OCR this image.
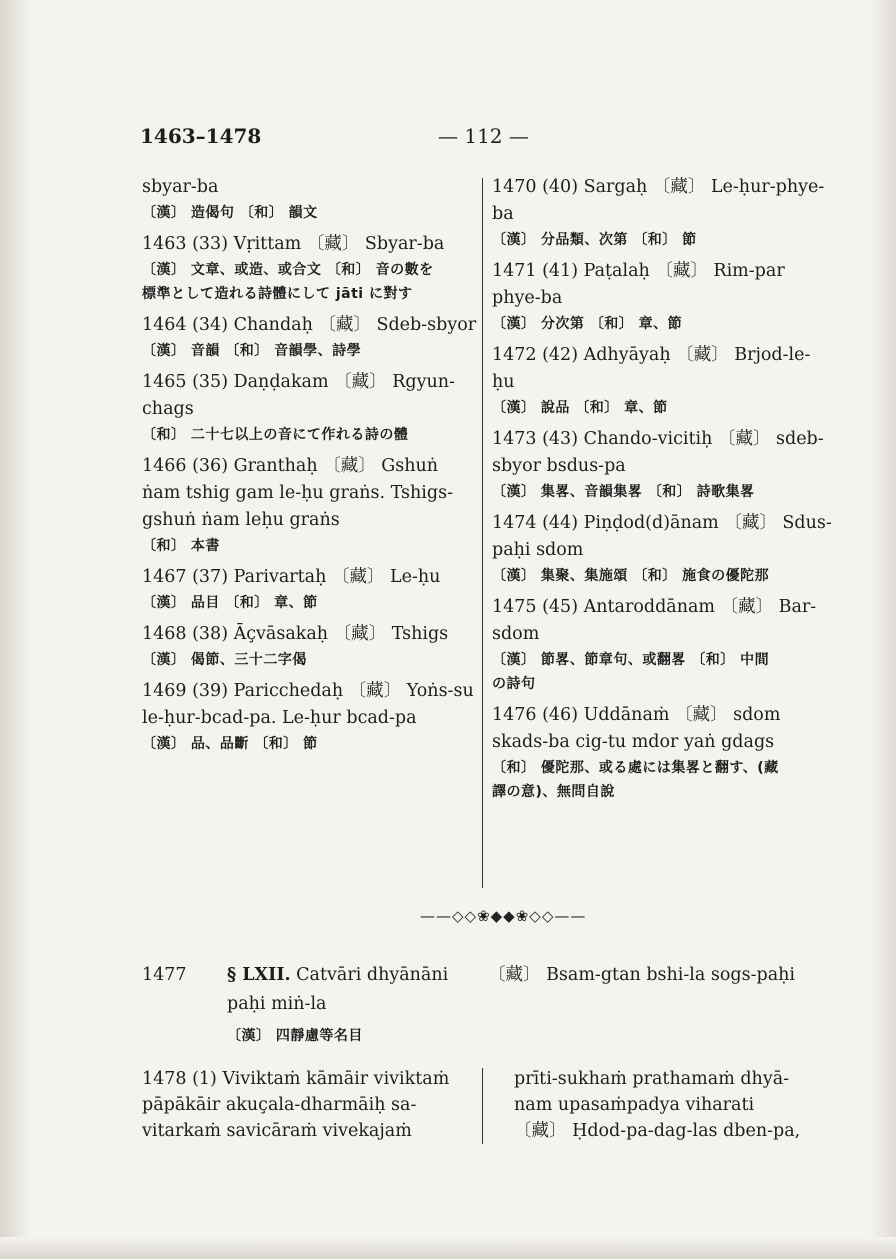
1463–1478	— 112 —
sbyar-ba
〔漢〕 造偈句 〔和〕 韻文
1463 (33) Vṛittam 〔藏〕 Sbyar-ba
〔漢〕 文章、或造、或合文 〔和〕 音の數を
標準として造れる詩體にして jāti に對す
1464 (34) Chandaḥ 〔藏〕 Sdeb-sbyor
〔漢〕 音韻 〔和〕 音韻學、詩學
1465 (35) Daṇḍakam 〔藏〕 Rgyun-chags
〔和〕 二十七以上の音にて作れる詩の體
1466 (36) Granthaḥ 〔藏〕 Gshuṅ ṅam tshig gam le-ḥu graṅs. Tshigs-gshuṅ ṅam leḥu graṅs
〔和〕 本書
1467 (37) Parivartaḥ 〔藏〕 Le-ḥu
〔漢〕 品目 〔和〕 章、節
1468 (38) Āçvāsakaḥ 〔藏〕 Tshigs
〔漢〕 偈節、三十二字偈
1469 (39) Paricchedaḥ 〔藏〕 Yoṅs-su le-ḥur-bcad-pa. Le-ḥur bcad-pa
〔漢〕 品、品斷 〔和〕 節
1470 (40) Sargaḥ 〔藏〕 Le-ḥur-phye-ba
〔漢〕 分品類、次第 〔和〕 節
1471 (41) Paṭalaḥ 〔藏〕 Rim-par phye-ba
〔漢〕 分次第 〔和〕 章、節
1472 (42) Adhyāyaḥ 〔藏〕 Brjod-le-ḥu
〔漢〕 說品 〔和〕 章、節
1473 (43) Chando-vicitiḥ 〔藏〕 sdeb-sbyor bsdus-pa
〔漢〕 集畧、音韻集畧 〔和〕 詩歌集畧
1474 (44) Piṇḍod(d)ānam 〔藏〕 Sdus-paḥi sdom
〔漢〕 集聚、集施頌 〔和〕 施食の優陀那
1475 (45) Antaroddānam 〔藏〕 Bar-sdom
〔漢〕 節畧、節章句、或翻畧 〔和〕 中間
の詩句
1476 (46) Uddānaṁ 〔藏〕 sdom skads-ba cig-tu mdor yaṅ gdags
〔和〕 優陀那、或る處には集畧と翻す、(藏
譯の意)、無問自說
——◇◇❀◆◆❀◇◇——
1477 § LXII. Catvāri dhyānāni 〔藏〕 Bsam-gtan bshi-la sogs-paḥi
paḥi miṅ-la
〔漢〕 四靜慮等名目
1478 (1) Viviktaṁ kāmāir viviktaṁ
pāpākāir akuçala-dharmāiḥ sa-
vitarkaṁ savicāraṁ vivekajaṁ
prīti-sukhaṁ prathamaṁ dhyā-
nam upasaṁpadya viharati
〔藏〕 Ḥdod-pa-dag-las dben-pa,
